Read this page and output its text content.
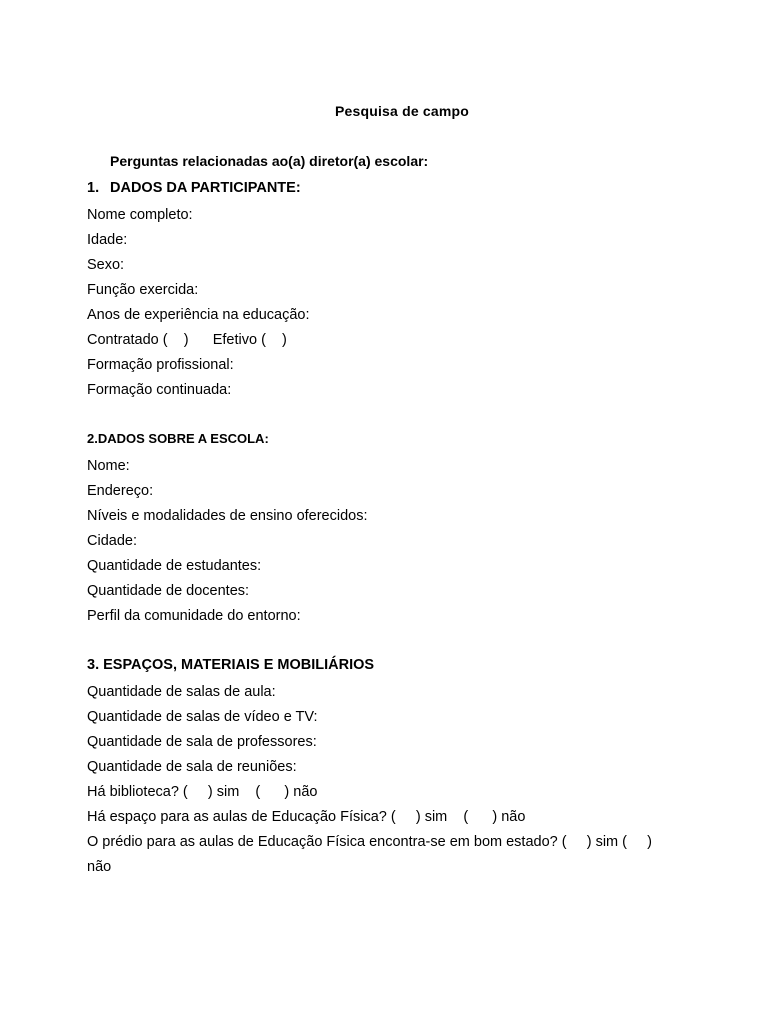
Pesquisa de campo
Perguntas relacionadas ao(a) diretor(a) escolar:
1. DADOS DA PARTICIPANTE:
Nome completo:
Idade:
Sexo:
Função exercida:
Anos de experiência na educação:
Contratado (    )      Efetivo (    )
Formação profissional:
Formação continuada:
2.DADOS SOBRE A ESCOLA:
Nome:
Endereço:
Níveis e modalidades de ensino oferecidos:
Cidade:
Quantidade de estudantes:
Quantidade de docentes:
Perfil da comunidade do entorno:
3. ESPAÇOS, MATERIAIS E MOBILIÁRIOS
Quantidade de salas de aula:
Quantidade de salas de vídeo e TV:
Quantidade de sala de professores:
Quantidade de sala de reuniões:
Há biblioteca? (     ) sim    (      ) não
Há espaço para as aulas de Educação Física? (     ) sim    (      ) não
O prédio para as aulas de Educação Física encontra-se em bom estado? (     ) sim (     )
não
